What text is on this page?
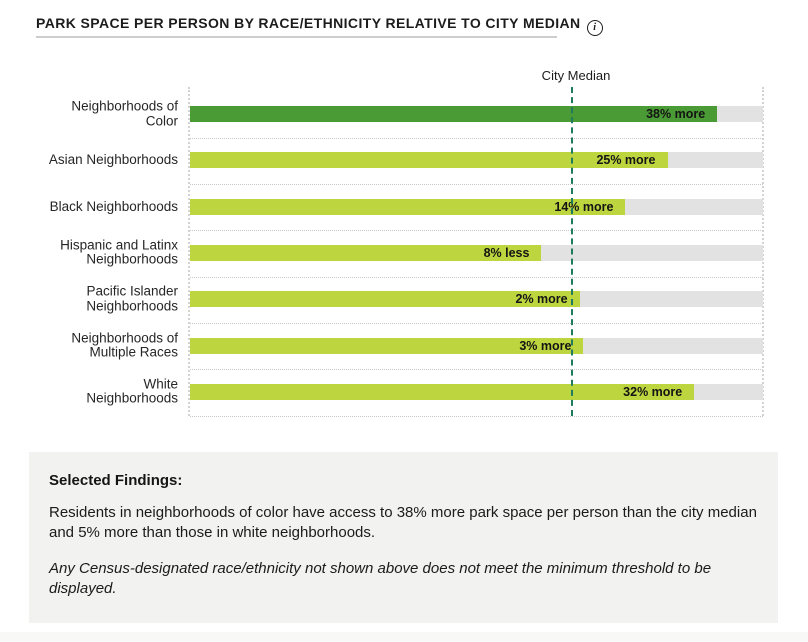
PARK SPACE PER PERSON BY RACE/ETHNICITY RELATIVE TO CITY MEDIAN i
City Median
Neighborhoods of
Color	38% more
Asian Neighborhoods	25% more
Black Neighborhoods	14% more
Hispanic and Latinx
Neighborhoods	8% less
Pacific Islander
Neighborhoods	2% more
Neighborhoods of
Multiple Races	3% more
White
Neighborhoods	32% more
Selected Findings:

Residents in neighborhoods of color have access to 38% more park space per person than the city median and 5% more than those in white neighborhoods.

Any Census-designated race/ethnicity not shown above does not meet the minimum threshold to be displayed.
